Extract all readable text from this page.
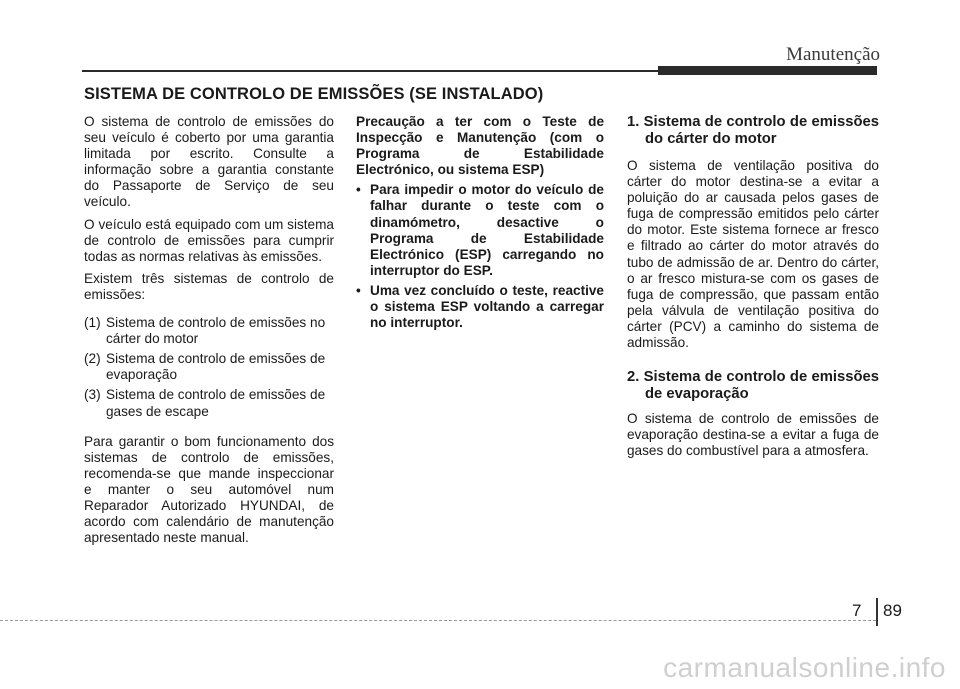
Manutenção
SISTEMA DE CONTROLO DE EMISSÕES (SE INSTALADO)

O sistema de controlo de emissões do seu veículo é coberto por uma garantia limitada por escrito. Consulte a informação sobre a garantia constante do Passaporte de Serviço de seu veículo.

O veículo está equipado com um sistema de controlo de emissões para cumprir todas as normas relativas às emissões.

Existem três sistemas de controlo de emissões:

(1) Sistema de controlo de emissões no cárter do motor
(2) Sistema de controlo de emissões de evaporação
(3) Sistema de controlo de emissões de gases de escape

Para garantir o bom funcionamento dos sistemas de controlo de emissões, recomenda-se que mande inspeccionar e manter o seu automóvel num Reparador Autorizado HYUNDAI, de acordo com calendário de manutenção apresentado neste manual.

Precaução a ter com o Teste de Inspecção e Manutenção (com o Programa de Estabilidade Electrónico, ou sistema ESP)

• Para impedir o motor do veículo de falhar durante o teste com o dinamómetro, desactive o Programa de Estabilidade Electrónico (ESP) carregando no interruptor do ESP.
• Uma vez concluído o teste, reactive o sistema ESP voltando a carregar no interruptor.

1. Sistema de controlo de emissões do cárter do motor

O sistema de ventilação positiva do cárter do motor destina-se a evitar a poluição do ar causada pelos gases de fuga de compressão emitidos pelo cárter do motor. Este sistema fornece ar fresco e filtrado ao cárter do motor através do tubo de admissão de ar. Dentro do cárter, o ar fresco mistura-se com os gases de fuga de compressão, que passam então pela válvula de ventilação positiva do cárter (PCV) a caminho do sistema de admissão.

2. Sistema de controlo de emissões de evaporação

O sistema de controlo de emissões de evaporação destina-se a evitar a fuga de gases do combustível para a atmosfera.

7 89
carmanualsonline.info
